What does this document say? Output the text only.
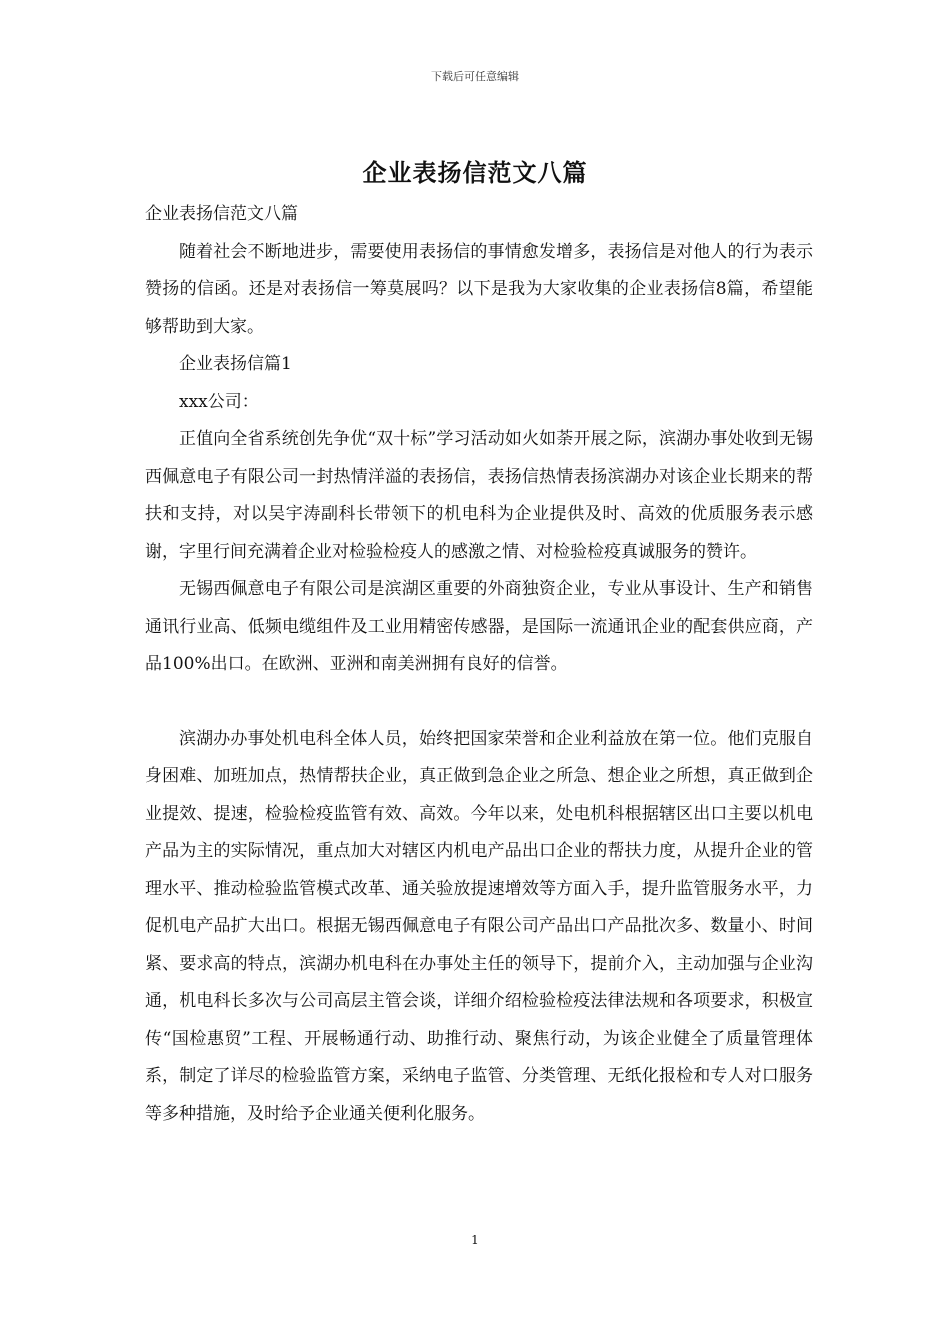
下载后可任意编辑
企业表扬信范文八篇

企业表扬信范文八篇

随着社会不断地进步，需要使用表扬信的事情愈发增多，表扬信是对他人的行为表示赞扬的信函。还是对表扬信一筹莫展吗？以下是我为大家收集的企业表扬信8篇，希望能够帮助到大家。

企业表扬信篇1

xxx公司：

正值向全省系统创先争优“双十标”学习活动如火如荼开展之际，滨湖办事处收到无锡西佩意电子有限公司一封热情洋溢的表扬信，表扬信热情表扬滨湖办对该企业长期来的帮扶和支持，对以吴宇涛副科长带领下的机电科为企业提供及时、高效的优质服务表示感谢，字里行间充满着企业对检验检疫人的感激之情、对检验检疫真诚服务的赞许。

无锡西佩意电子有限公司是滨湖区重要的外商独资企业，专业从事设计、生产和销售通讯行业高、低频电缆组件及工业用精密传感器，是国际一流通讯企业的配套供应商，产品100%出口。在欧洲、亚洲和南美洲拥有良好的信誉。

滨湖办办事处机电科全体人员，始终把国家荣誉和企业利益放在第一位。他们克服自身困难、加班加点，热情帮扶企业，真正做到急企业之所急、想企业之所想，真正做到企业提效、提速，检验检疫监管有效、高效。今年以来，处电机科根据辖区出口主要以机电产品为主的实际情况，重点加大对辖区内机电产品出口企业的帮扶力度，从提升企业的管理水平、推动检验监管模式改革、通关验放提速增效等方面入手，提升监管服务水平，力促机电产品扩大出口。根据无锡西佩意电子有限公司产品出口产品批次多、数量小、时间紧、要求高的特点，滨湖办机电科在办事处主任的领导下，提前介入，主动加强与企业沟通，机电科长多次与公司高层主管会谈，详细介绍检验检疫法律法规和各项要求，积极宣传“国检惠贸”工程、开展畅通行动、助推行动、聚焦行动，为该企业健全了质量管理体系，制定了详尽的检验监管方案，采纳电子监管、分类管理、无纸化报检和专人对口服务等多种措施，及时给予企业通关便利化服务。

1
